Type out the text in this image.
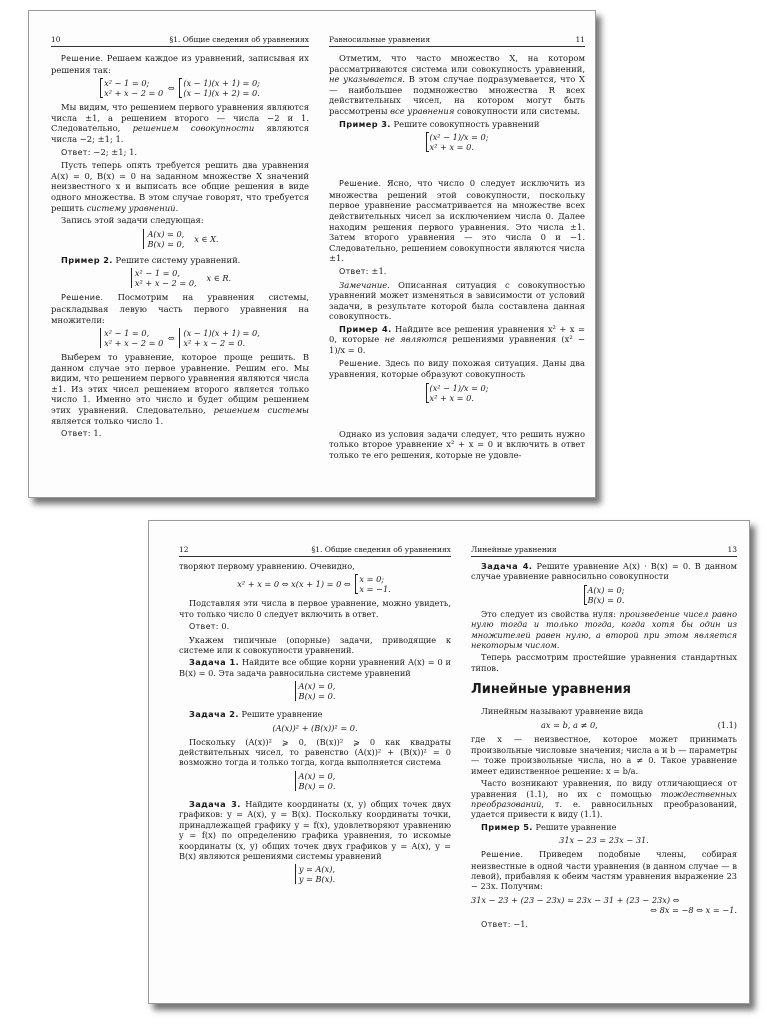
10	§1. Общие сведения об уравнениях

Решение. Решаем каждое из уравнений, записывая их решения так:

x² − 1 = 0;
x² + x − 2 = 0 ⇔ (x − 1)(x + 1) = 0;
(x − 1)(x + 2) = 0.

Мы видим, что решением первого уравнения являются числа ±1, а решением второго — числа −2 и 1. Следовательно, решением совокупности являются числа −2; ±1; 1.

Ответ: −2; ±1; 1.

Пусть теперь опять требуется решить два уравнения A(x) = 0, B(x) = 0 на заданном множестве X значений неизвестного x и выписать все общие решения в виде одного множества. В этом случае говорят, что требуется решить систему уравнений.

Запись этой задачи следующая:

A(x) = 0,
B(x) = 0, x ∈ X.

Пример 2. Решите систему уравнений.

x² − 1 = 0,
x² + x − 2 = 0, x ∈ R.

Решение. Посмотрим на уравнения системы, раскладывая левую часть первого уравнения на множители:

x² − 1 = 0,
x² + x − 2 = 0 ⇔ (x − 1)(x + 1) = 0,
x² + x − 2 = 0.

Выберем то уравнение, которое проще решить. В данном случае это первое уравнение. Решим его. Мы видим, что решением первого уравнения являются числа ±1. Из этих чисел решением второго является только число 1. Именно это число и будет общим решением этих уравнений. Следовательно, решением системы является только число 1.

Ответ: 1.

Равносильные уравнения	11

Отметим, что часто множество X, на котором рассматриваются система или совокупность уравнений, не указывается. В этом случае подразумевается, что X — наибольшее подмножество множества R всех действительных чисел, на котором могут быть рассмотрены все уравнения совокупности или системы.

Пример 3. Решите совокупность уравнений

(x² − 1)/x = 0;
x² + x = 0.

Решение. Ясно, что число 0 следует исключить из множества решений этой совокупности, поскольку первое уравнение рассматривается на множестве всех действительных чисел за исключением числа 0. Далее находим решения первого уравнения. Это числа ±1. Затем второго уравнения — это числа 0 и −1. Следовательно, решением совокупности являются числа ±1.

Ответ: ±1.

Замечание. Описанная ситуация с совокупностью уравнений может изменяться в зависимости от условий задачи, в результате которой была составлена данная совокупность.

Пример 4. Найдите все решения уравнения x² + x = 0, которые не являются решениями уравнения (x² − 1)/x = 0.

Решение. Здесь по виду похожая ситуация. Даны два уравнения, которые образуют совокупность

(x² − 1)/x = 0;
x² + x = 0.

Однако из условия задачи следует, что решить нужно только второе уравнение x² + x = 0 и включить в ответ только те его решения, которые не удовле-

12	§1. Общие сведения об уравнениях

творяют первому уравнению. Очевидно,

x² + x = 0 ⇔ x(x + 1) = 0 ⇔ x = 0;
x = −1.

Подставляя эти числа в первое уравнение, можно увидеть, что только число 0 следует включить в ответ.

Ответ: 0.

Укажем типичные (опорные) задачи, приводящие к системе или к совокупности уравнений.

Задача 1. Найдите все общие корни уравнений A(x) = 0 и B(x) = 0. Эта задача равносильна системе уравнений

A(x) = 0,
B(x) = 0.

Задача 2. Решите уравнение

(A(x))² + (B(x))² = 0.

Поскольку (A(x))² ⩾ 0, (B(x))² ⩾ 0 как квадраты действительных чисел, то равенство (A(x))² + (B(x))² = 0 возможно тогда и только тогда, когда выполняется система

A(x) = 0,
B(x) = 0.

Задача 3. Найдите координаты (x, y) общих точек двух графиков: y = A(x), y = B(x). Поскольку координаты точки, принадлежащей графику y = f(x), удовлетворяют уравнению y = f(x) по определению графика уравнения, то искомые координаты (x, y) общих точек двух графиков y = A(x), y = B(x) являются решениями системы уравнений

y = A(x),
y = B(x).
Линейные уравнения	13

Задача 4. Решите уравнение A(x) · B(x) = 0. В данном случае уравнение равносильно совокупности

A(x) = 0;
B(x) = 0.

Это следует из свойства нуля: произведение чисел равно нулю тогда и только тогда, когда хотя бы один из множителей равен нулю, а второй при этом является некоторым числом.

Теперь рассмотрим простейшие уравнения стандартных типов.

Линейные уравнения

Линейным называют уравнение вида

ax = b, a ≠ 0,	(1.1)

где x — неизвестное, которое может принимать произвольные числовые значения; числа a и b — параметры — тоже произвольные числа, но a ≠ 0. Такое уравнение имеет единственное решение: x = b/a.

Часто возникают уравнения, по виду отличающиеся от уравнения (1.1), но их с помощью тождественных преобразований, т. е. равносильных преобразований, удается привести к виду (1.1).

Пример 5. Решите уравнение

31x − 23 = 23x − 31.

Решение. Приведем подобные члены, собирая неизвестные в одной части уравнения (в данном случае — в левой), прибавляя к обеим частям уравнения выражение 23 − 23x. Получим:

31x − 23 + (23 − 23x) = 23x − 31 + (23 − 23x) ⇔
⇔ 8x = −8 ⇔ x = −1.

Ответ: −1.
